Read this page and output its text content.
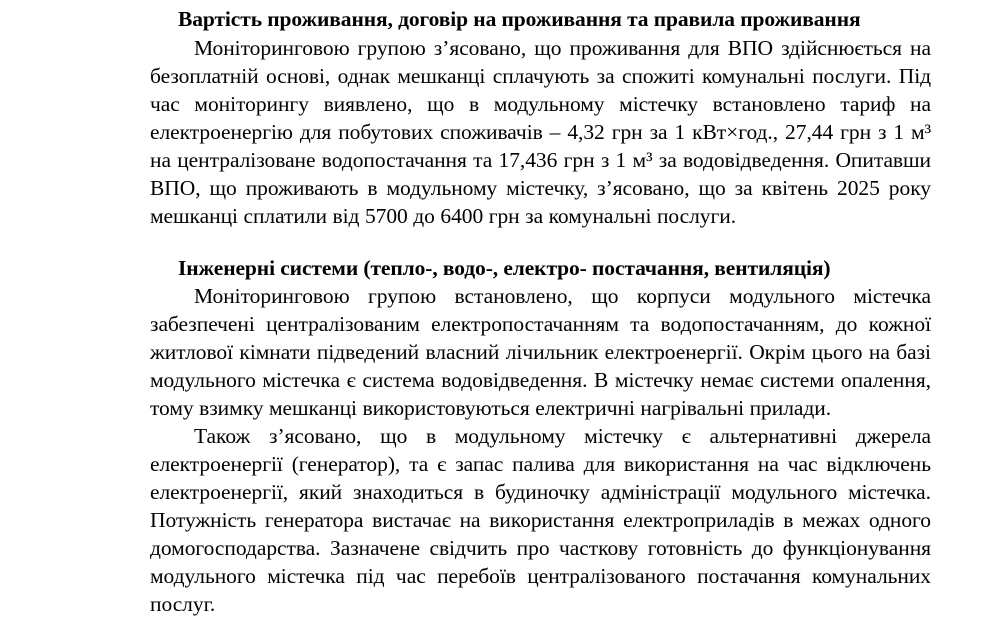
Вартість проживання, договір на проживання та правила проживання

Моніторинговою групою з’ясовано, що проживання для ВПО здійснюється на безоплатній основі, однак мешканці сплачують за спожиті комунальні послуги. Під час моніторингу виявлено, що в модульному містечку встановлено тариф на електроенергію для побутових споживачів – 4,32 грн за 1 кВт×год., 27,44 грн з 1 м³ на централізоване водопостачання та 17,436 грн з 1 м³ за водовідведення. Опитавши ВПО, що проживають в модульному містечку, з’ясовано, що за квітень 2025 року мешканці сплатили від 5700 до 6400 грн за комунальні послуги.

Інженерні системи (тепло-, водо-, електро- постачання, вентиляція)

Моніторинговою групою встановлено, що корпуси модульного містечка забезпечені централізованим електропостачанням та водопостачанням, до кожної житлової кімнати підведений власний лічильник електроенергії. Окрім цього на базі модульного містечка є система водовідведення. В містечку немає системи опалення, тому взимку мешканці використовуються електричні нагрівальні прилади.

Також з’ясовано, що в модульному містечку є альтернативні джерела електроенергії (генератор), та є запас палива для використання на час відключень електроенергії, який знаходиться в будиночку адміністрації модульного містечка. Потужність генератора вистачає на використання електроприладів в межах одного домогосподарства. Зазначене свідчить про часткову готовність до функціонування модульного містечка під час перебоїв централізованого постачання комунальних послуг.
